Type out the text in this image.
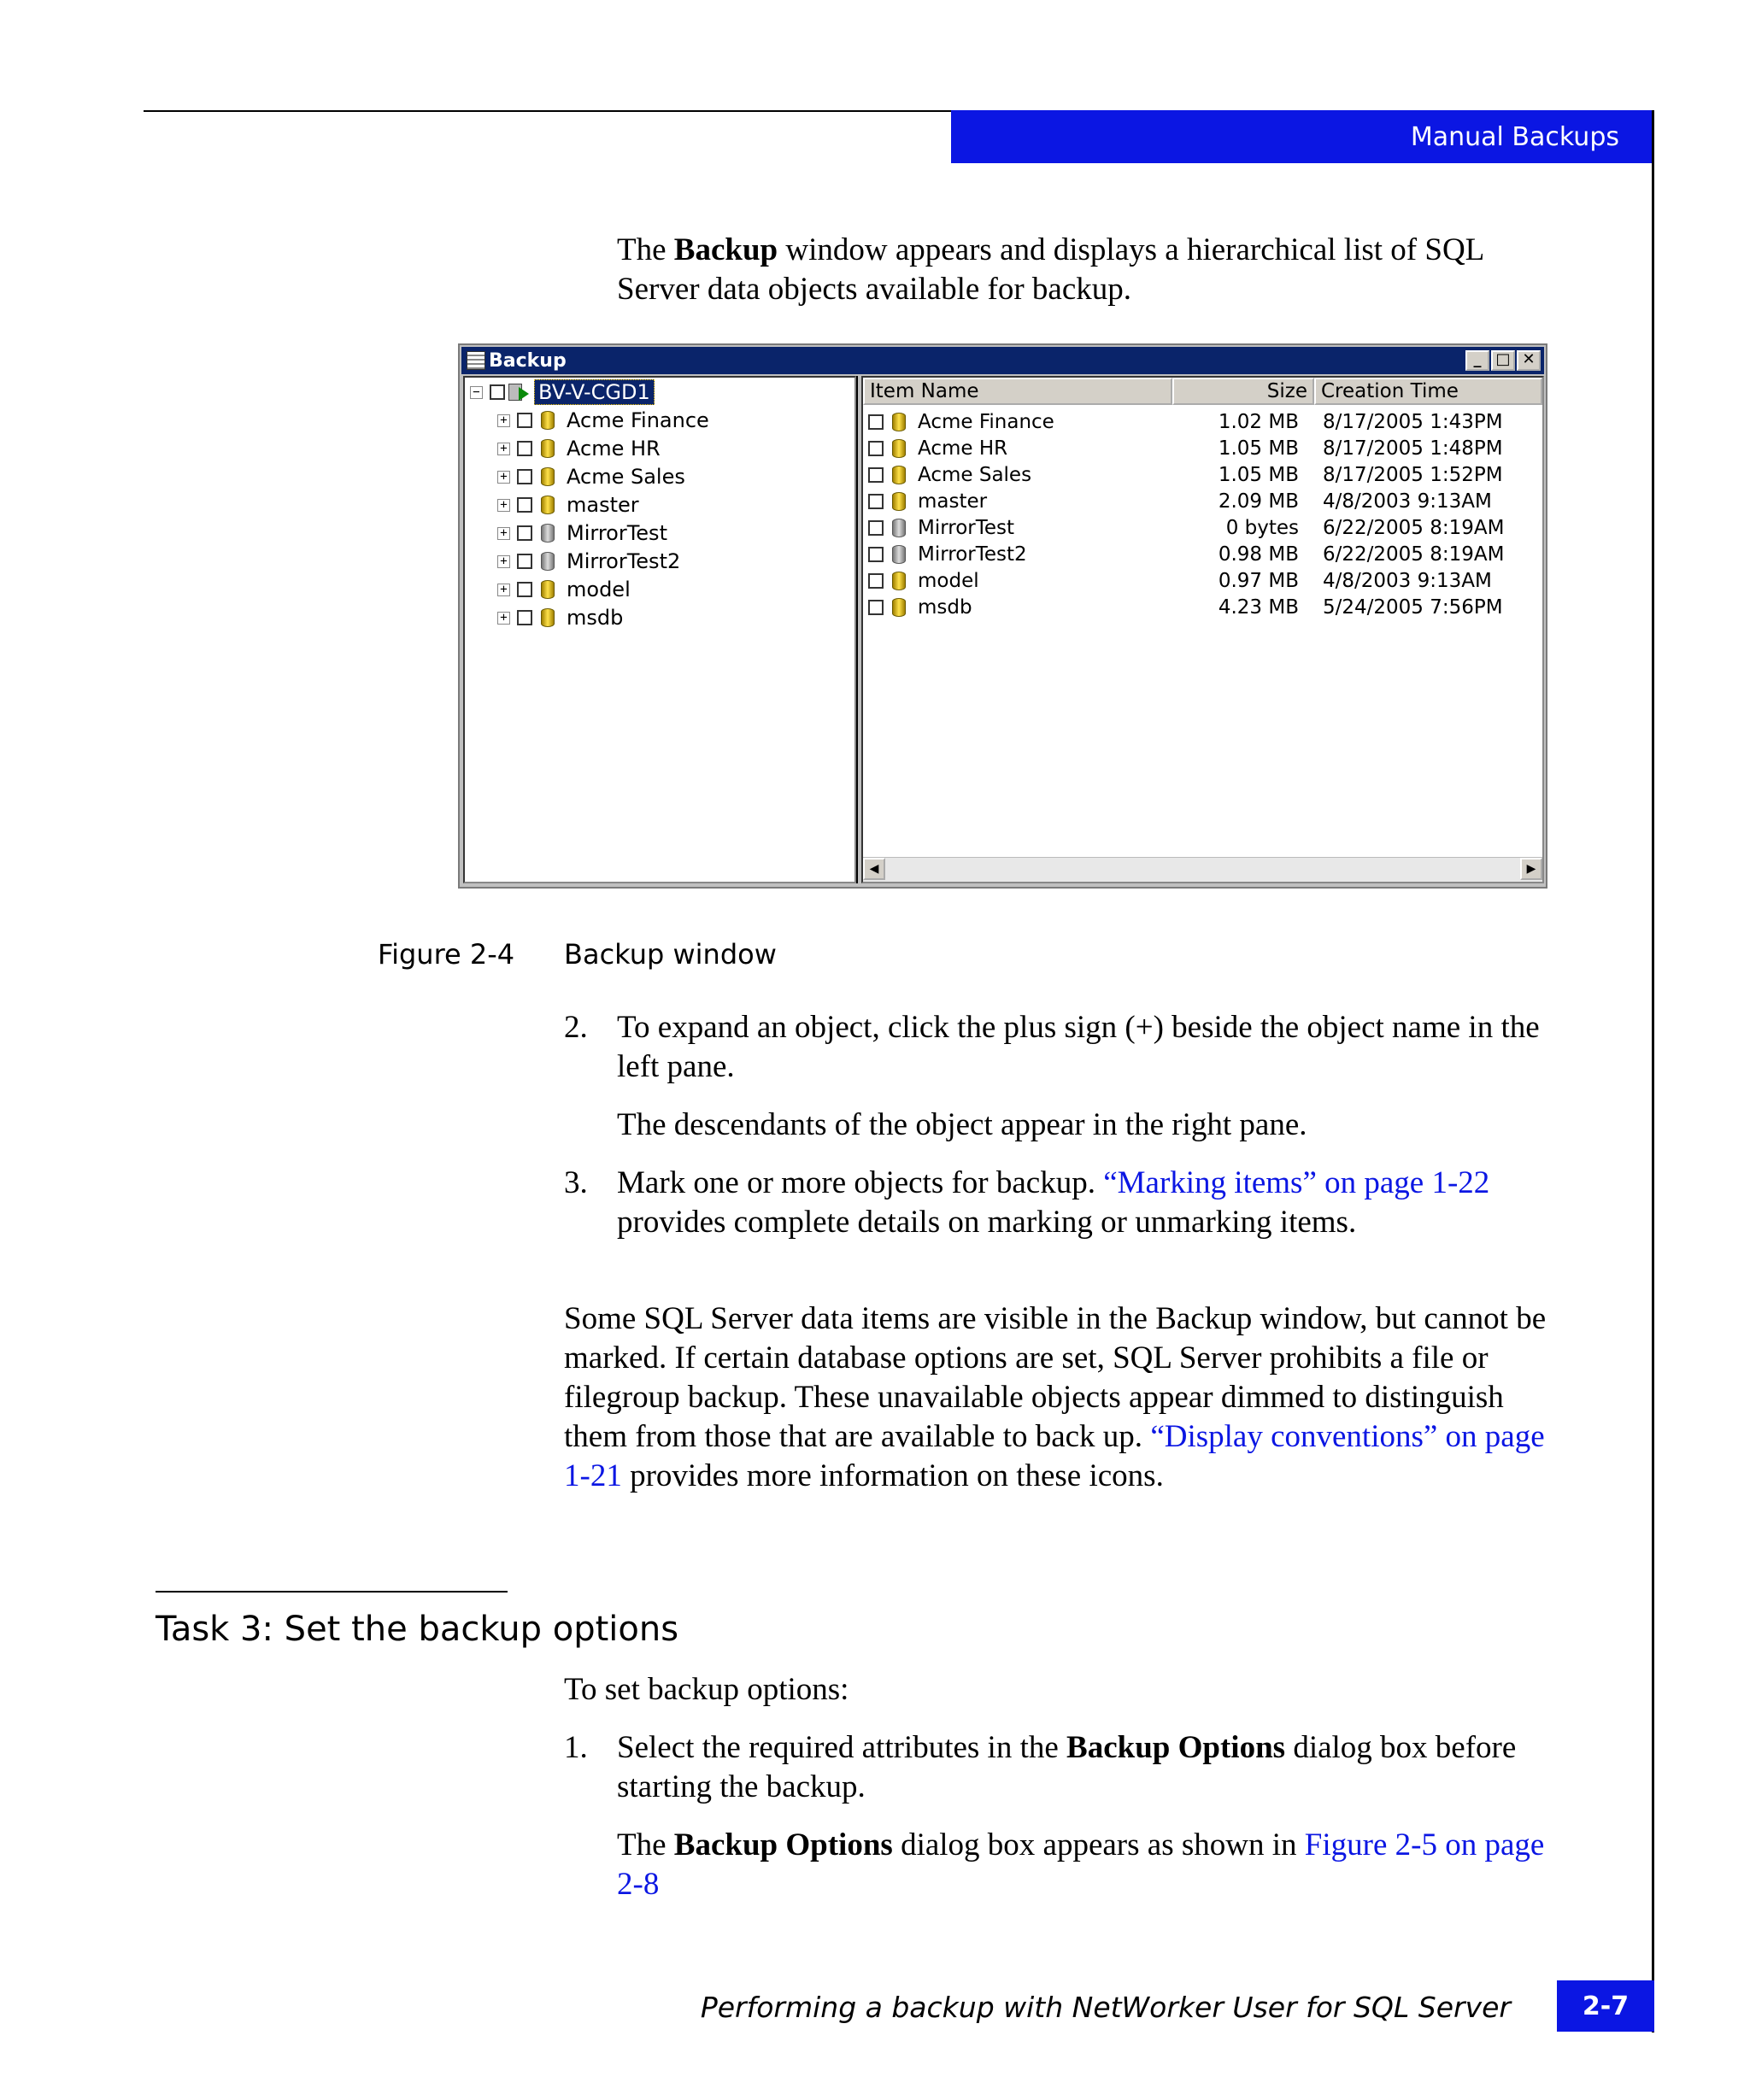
Manual Backups
The Backup window appears and displays a hierarchical list of SQL Server data objects available for backup.
Backup	_ □ ✕
−	BV-V-CGD1
+	Acme Finance
+	Acme HR
+	Acme Sales
+	master
+	MirrorTest
+	MirrorTest2
+	model
+	msdb
Item Name	Size Creation Time
Acme Finance	1.02 MB 8/17/2005 1:43PM
Acme HR	1.05 MB 8/17/2005 1:48PM
Acme Sales	1.05 MB 8/17/2005 1:52PM
master	2.09 MB 4/8/2003 9:13AM
MirrorTest	0 bytes 6/22/2005 8:19AM
MirrorTest2	0.98 MB 6/22/2005 8:19AM
model	0.97 MB 4/8/2003 9:13AM
msdb	4.23 MB 5/24/2005 7:56PM
◀	▶
Figure 2-4 Backup window
2. To expand an object, click the plus sign (+) beside the object name in the left pane.
The descendants of the object appear in the right pane.
3. Mark one or more objects for backup. “Marking items” on page 1-22 provides complete details on marking or unmarking items.
Some SQL Server data items are visible in the Backup window, but cannot be marked. If certain database options are set, SQL Server prohibits a file or filegroup backup. These unavailable objects appear dimmed to distinguish them from those that are available to back up. “Display conventions” on page 1-21 provides more information on these icons.
Task 3: Set the backup options
To set backup options:
1. Select the required attributes in the Backup Options dialog box before starting the backup.
The Backup Options dialog box appears as shown in Figure 2-5 on page 2-8
Performing a backup with NetWorker User for SQL Server	2-7
